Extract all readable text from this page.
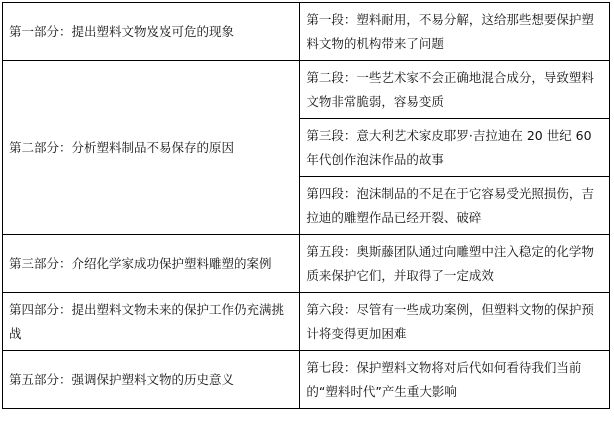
第一部分：提出塑料文物岌岌可危的现象	第一段：塑料耐用，不易分解，这给那些想要保护塑料文物的机构带来了问题
第二部分：分析塑料制品不易保存的原因	第二段：一些艺术家不会正确地混合成分，导致塑料文物非常脆弱，容易变质
	第三段：意大利艺术家皮耶罗·吉拉迪在 20 世纪 60 年代创作泡沫作品的故事
	第四段：泡沫制品的不足在于它容易受光照损伤，吉拉迪的雕塑作品已经开裂、破碎
第三部分：介绍化学家成功保护塑料雕塑的案例	第五段：奥斯藤团队通过向雕塑中注入稳定的化学物质来保护它们，并取得了一定成效
第四部分：提出塑料文物未来的保护工作仍充满挑战	第六段：尽管有一些成功案例，但塑料文物的保护预计将变得更加困难
第五部分：强调保护塑料文物的历史意义	第七段：保护塑料文物将对后代如何看待我们当前的“塑料时代”产生重大影响
